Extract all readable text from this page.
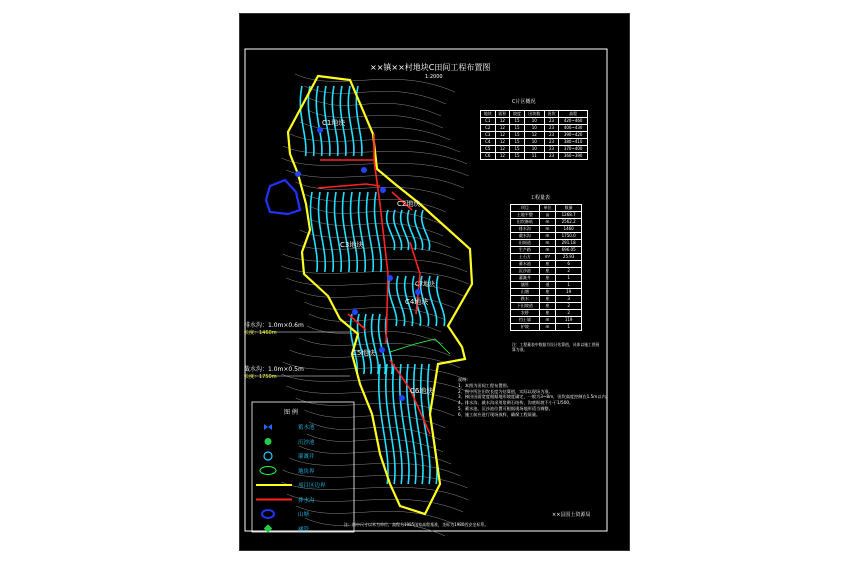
××镇××村地块C田间工程布置图
1:2000
C1地块
C2地块
C3地块
C4地块
C5地块
C6地块
C7地块
排水沟：1.0m×0.6m
长度：1460m
截水沟：1.0m×0.5m
长度：1750m
图 例
蓄水池
沉沙池
灌溉井
地块界
项目区边界
排水沟
山塘
涵管
C片区概况
地块	面积	坡度	田块数	田坎	高程
C1	12	15	10	23	420~460
C2	12	15	10	23	400~430
C3	12	15	12	23	390~420
C4	12	15	10	23	380~410
C5	12	15	10	23	370~400
C6	12	15	11	23	360~390
工程量表
项目	单位	数量
土地平整	亩	1268.7
田坎修筑	m	2562.2
排水沟	m	1460
截水沟	m	1750.0
田间道	m	291.18
生产路	m	696.05
土石方	m³	25.93
蓄水池	座	6
沉沙池	座	2
灌溉井	座	1
涵管	道	1
山塘	座	19
跌水	座	3
下田坡道	座	2
农桥	座	2
挡土墙	m	119
护坡	m	1
注：工程量表中数据为设计估算值，具体以施工图预算为准。

说明：

1、本图为田间工程布置图。

2、图中所注田坎长度为估算值，实际以现场为准。

3、梯田田面宽度根据地形坡度确定，一般为3~8m，田坎高度控制在1.5m以内。

4、排水沟、截水沟采用浆砌石结构，沟底纵坡不小于1/500。

5、蓄水池、沉沙池位置可根据现场地形适当调整。

6、施工前应进行现场放样，确保工程质量。

注：图中尺寸以米为单位，高程为1985国家高程基准，坐标为1980西安坐标系。
××县国土资源局
